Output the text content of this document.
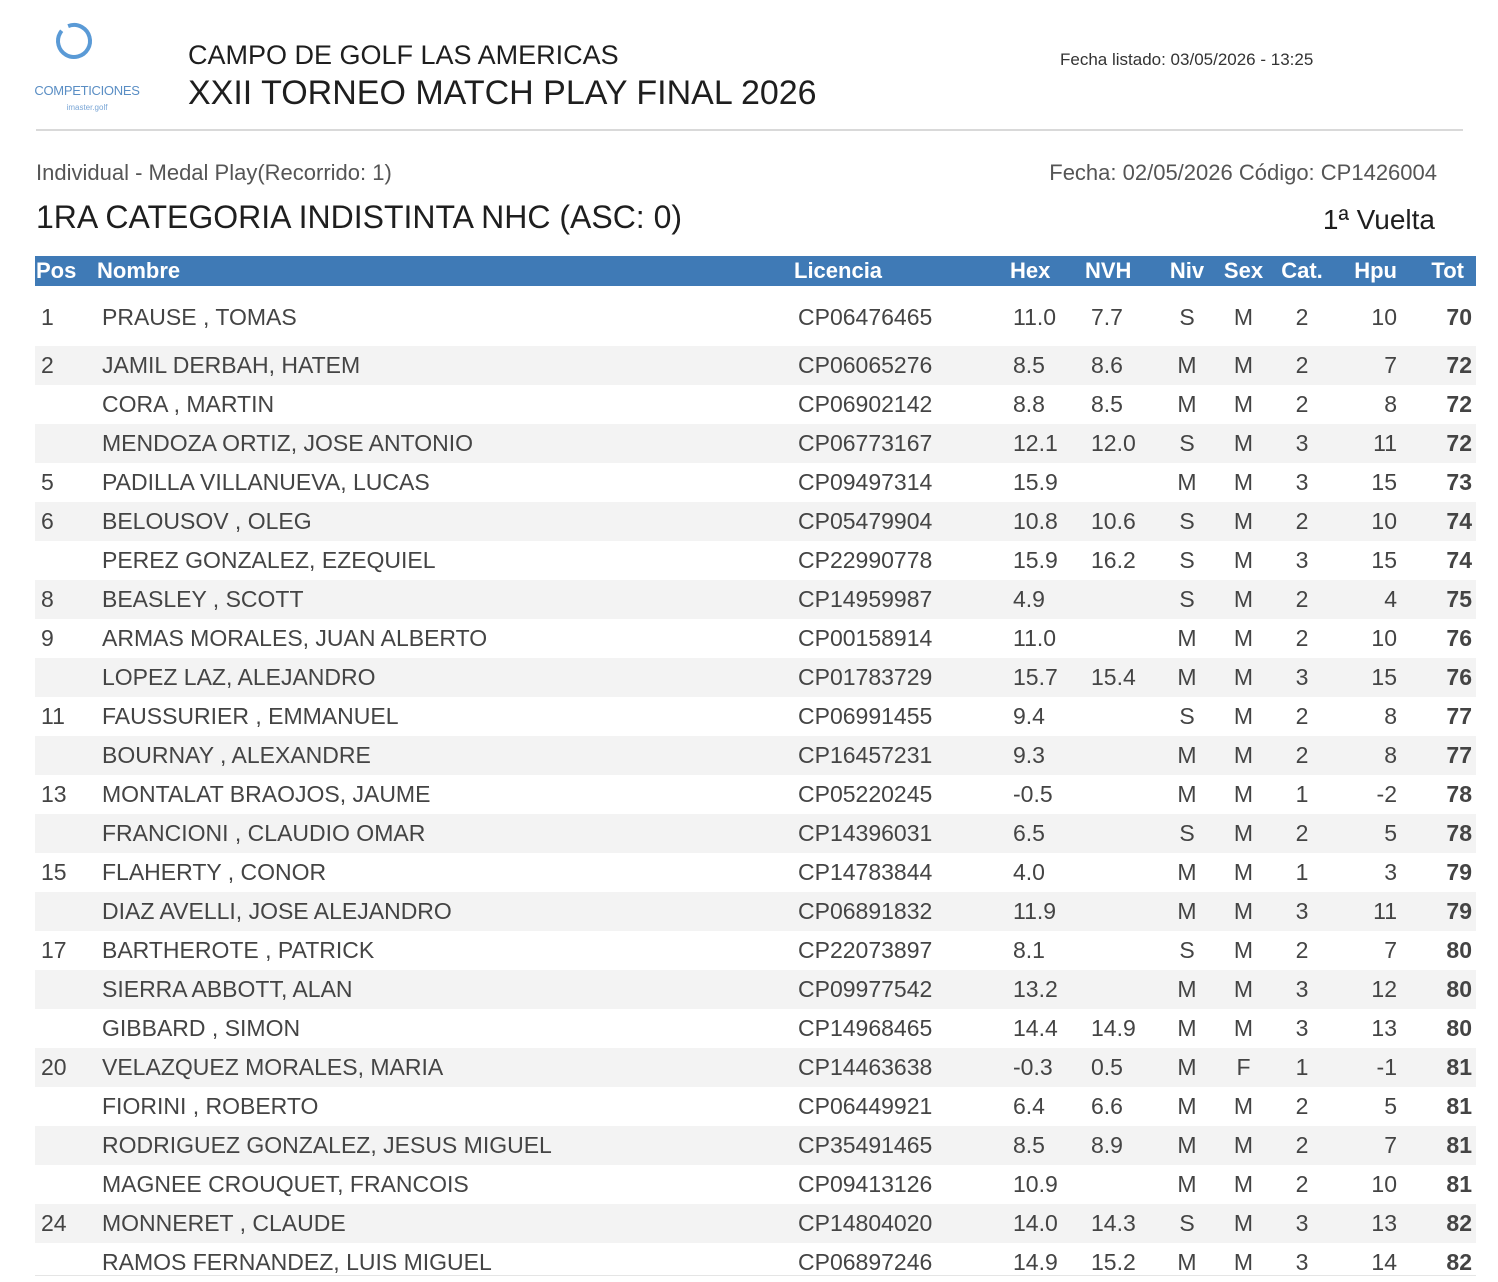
COMPETICIONES
imaster.golf
CAMPO DE GOLF LAS AMERICAS
XXII TORNEO MATCH PLAY FINAL 2026
Fecha listado: 03/05/2026 - 13:25
Individual - Medal Play(Recorrido: 1)	Fecha: 02/05/2026 Código: CP1426004
1RA CATEGORIA INDISTINTA NHC (ASC: 0)	1ª Vuelta
Pos	Nombre	Licencia	Hex	NVH	Niv	Sex	Cat.	Hpu	Tot
1	PRAUSE , TOMAS	CP06476465	11.0	7.7	S	M	2	10	70
2	JAMIL DERBAH, HATEM	CP06065276	8.5	8.6	M	M	2	7	72
	CORA , MARTIN	CP06902142	8.8	8.5	M	M	2	8	72
	MENDOZA ORTIZ, JOSE ANTONIO	CP06773167	12.1	12.0	S	M	3	11	72
5	PADILLA VILLANUEVA, LUCAS	CP09497314	15.9		M	M	3	15	73
6	BELOUSOV , OLEG	CP05479904	10.8	10.6	S	M	2	10	74
	PEREZ GONZALEZ, EZEQUIEL	CP22990778	15.9	16.2	S	M	3	15	74
8	BEASLEY , SCOTT	CP14959987	4.9		S	M	2	4	75
9	ARMAS MORALES, JUAN ALBERTO	CP00158914	11.0		M	M	2	10	76
	LOPEZ LAZ, ALEJANDRO	CP01783729	15.7	15.4	M	M	3	15	76
11	FAUSSURIER , EMMANUEL	CP06991455	9.4		S	M	2	8	77
	BOURNAY , ALEXANDRE	CP16457231	9.3		M	M	2	8	77
13	MONTALAT BRAOJOS, JAUME	CP05220245	-0.5		M	M	1	-2	78
	FRANCIONI , CLAUDIO OMAR	CP14396031	6.5		S	M	2	5	78
15	FLAHERTY , CONOR	CP14783844	4.0		M	M	1	3	79
	DIAZ AVELLI, JOSE ALEJANDRO	CP06891832	11.9		M	M	3	11	79
17	BARTHEROTE , PATRICK	CP22073897	8.1		S	M	2	7	80
	SIERRA ABBOTT, ALAN	CP09977542	13.2		M	M	3	12	80
	GIBBARD , SIMON	CP14968465	14.4	14.9	M	M	3	13	80
20	VELAZQUEZ MORALES, MARIA	CP14463638	-0.3	0.5	M	F	1	-1	81
	FIORINI , ROBERTO	CP06449921	6.4	6.6	M	M	2	5	81
	RODRIGUEZ GONZALEZ, JESUS MIGUEL	CP35491465	8.5	8.9	M	M	2	7	81
	MAGNEE CROUQUET, FRANCOIS	CP09413126	10.9		M	M	2	10	81
24	MONNERET , CLAUDE	CP14804020	14.0	14.3	S	M	3	13	82
	RAMOS FERNANDEZ, LUIS MIGUEL	CP06897246	14.9	15.2	M	M	3	14	82
